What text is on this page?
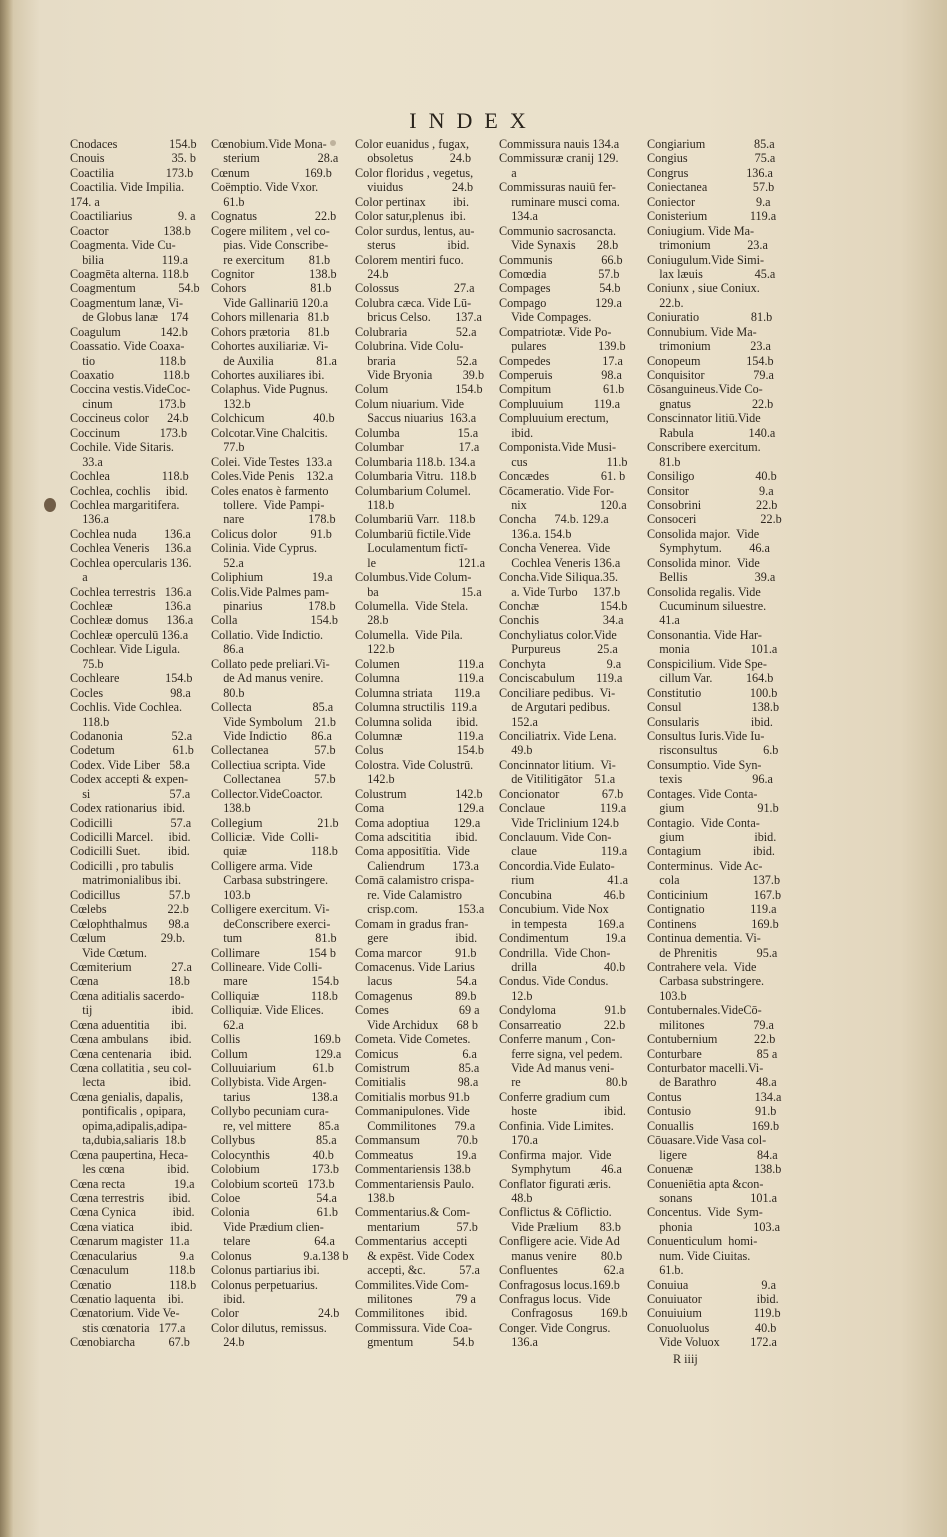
INDEX
Cnodaces                 154.b
Cnouis                      35. b
Coactilia                 173.b
Coactilia. Vide Impilia.
174. a
Coactiliarius               9. a
Coactor                  138.b
Coagmenta. Vide Cu-
bilia                   119.a
Coagmēta alterna. 118.b
Coagmentum              54.b
Coagmentum lanæ, Vi-
de Globus lanæ    174
Coagulum             142.b
Coassatio. Vide Coaxa-
tio                     118.b
Coaxatio                118.b
Coccina vestis.VideCoc-
cinum               173.b
Coccineus color      24.b
Coccinum             173.b
Cochile. Vide Sitaris.
33.a
Cochlea                 118.b
Cochlea, cochlis     ibid.
Cochlea margaritifera.
136.a
Cochlea nuda         136.a
Cochlea Veneris     136.a
Cochlea opercularis 136.
a
Cochlea terrestris   136.a
Cochleæ                 136.a
Cochleæ domus      136.a
Cochleæ operculū 136.a
Cochlear. Vide Ligula.
75.b
Cochleare               154.b
Cocles                      98.a
Cochlis. Vide Cochlea.
118.b
Codanonia                52.a
Codetum                   61.b
Codex. Vide Liber   58.a
Codex accepti & expen-
si                          57.a
Codex rationarius  ibid.
Codicilli                   57.a
Codicilli Marcel.     ibid.
Codicilli Suet.         ibid.
Codicilli , pro tabulis
matrimonialibus ibi.
Codicillus                57.b
Cœlebs                    22.b
Cœlophthalmus       98.a
Cœlum                  29.b.
Vide Cœtum.
Cœmiterium             27.a
Cœna                       18.b
Cœna aditialis sacerdo-
tij                          ibid.
Cœna aduentitia       ibi.
Cœna ambulans       ibid.
Cœna centenaria      ibid.
Cœna collatitia , seu col-
lecta                     ibid.
Cœna genialis, dapalis,
pontificalis , opipara,
opima,adipalis,adipa-
ta,dubia,saliaris  18.b
Cœna paupertina, Heca-
les cœna              ibid.
Cœna recta                19.a
Cœna terrestris        ibid.
Cœna Cynica            ibid.
Cœna viatica            ibid.
Cœnarum magister  11.a
Cœnacularius              9.a
Cœnaculum             118.b
Cœnatio                   118.b
Cœnatio laquenta    ibi.
Cœnatorium. Vide Ve-
stis cœnatoria   177.a
Cœnobiarcha           67.b
Cœnobium.Vide Mona-
sterium                   28.a
Cœnum                  169.b
Coëmptio. Vide Vxor.
61.b
Cognatus                   22.b
Cogere militem , vel co-
pias. Vide Conscribe-
re exercitum        81.b
Cognitor                  138.b
Cohors                     81.b
Vide Gallinariū 120.a
Cohors millenaria   81.b
Cohors prætoria      81.b
Cohortes auxiliariæ. Vi-
de Auxilia              81.a
Cohortes auxiliares ibi.
Colaphus. Vide Pugnus.
132.b
Colchicum                40.b
Colcotar.Vine Chalcitis.
77.b
Colei. Vide Testes  133.a
Coles.Vide Penis    132.a
Coles enatos è farmento
tollere.  Vide Pampi-
nare                     178.b
Colicus dolor           91.b
Colinia. Vide Cyprus.
52.a
Coliphium                19.a
Colis.Vide Palmes pam-
pinarius               178.b
Colla                        154.b
Collatio. Vide Indictio.
86.a
Collato pede preliari.Vi-
de Ad manus venire.
80.b
Collecta                    85.a
Vide Symbolum    21.b
Vide Indictio        86.a
Collectanea               57.b
Collectiua scripta. Vide
Collectanea           57.b
Collector.VideCoactor.
138.b
Collegium                  21.b
Colliciæ.  Vide  Colli-
quiæ                     118.b
Colligere arma. Vide
Carbasa substringere.
103.b
Colligere exercitum. Vi-
deConscribere exerci-
tum                        81.b
Collimare                154 b
Collineare. Vide Colli-
mare                     154.b
Colliquiæ                 118.b
Colliquiæ. Vide Elices.
62.a
Collis                        169.b
Collum                      129.a
Colluuiarium            61.b
Collybista. Vide Argen-
tarius                    138.a
Collybo pecuniam cura-
re, vel mittere         85.a
Collybus                    85.a
Colocynthis              40.b
Colobium                 173.b
Colobium scorteū   173.b
Coloe                         54.a
Colonia                      61.b
Vide Prædium clien-
telare                     64.a
Colonus                 9.a.138 b
Colonus partiarius ibi.
Colonus perpetuarius.
ibid.
Color                          24.b
Color dilutus, remissus.
24.b
Color euanidus , fugax,
obsoletus            24.b
Color floridus , vegetus,
viuidus                24.b
Color pertinax         ibi.
Color satur,plenus  ibi.
Color surdus, lentus, au-
sterus                 ibid.
Colorem mentiri fuco.
24.b
Colossus                  27.a
Colubra cæca. Vide Lū-
bricus Celso.        137.a
Colubraria                52.a
Colubrina. Vide Colu-
braria                    52.a
Vide Bryonia          39.b
Colum                      154.b
Colum niuarium. Vide
Saccus niuarius  163.a
Columba                   15.a
Columbar                  17.a
Columbaria 118.b. 134.a
Columbaria Vitru.  118.b
Columbarium Columel.
118.b
Columbariū Varr.   118.b
Columbariū fictile.Vide
Loculamentum fictī-
le                           121.a
Columbus.Vide Colum-
ba                           15.a
Columella.  Vide Stela.
28.b
Columella.  Vide Pila.
122.b
Columen                   119.a
Columna                   119.a
Columna striata       119.a
Columna structilis  119.a
Columna solida        ibid.
Columnæ                  119.a
Colus                        154.b
Colostra. Vide Colustrū.
142.b
Colustrum                142.b
Coma                        129.a
Coma adoptiua        129.a
Coma adscititia        ibid.
Coma appositītia.  Vide
Caliendrum         173.a
Comā calamistro crispa-
re. Vide Calamistro
crisp.com.             153.a
Comam in gradus fran-
gere                      ibid.
Coma marcor           91.b
Comacenus. Vide Larius
lacus                     54.a
Comagenus              89.b
Comes                       69 a
Vide Archidux      68 b
Cometa. Vide Cometes.
Comicus                     6.a
Comistrum                85.a
Comitialis                 98.a
Comitialis morbus 91.b
Commanipulones. Vide
Commilitones      79.a
Commansum            70.b
Commeatus              19.a
Commentariensis 138.b
Commentariensis Paulo.
138.b
Commentarius.& Com-
mentarium            57.b
Commentarius  accepti
& expēst. Vide Codex
accepti, &c.           57.a
Commilites.Vide Com-
militones              79 a
Commilitones       ibid.
Commissura. Vide Coa-
gmentum             54.b
Commissura nauis 134.a
Commissuræ cranij 129.
a
Commissuras nauiū fer-
ruminare musci coma.
134.a
Communio sacrosancta.
Vide Synaxis       28.b
Communis                66.b
Comœdia                 57.b
Compages                54.b
Compago                129.a
Vide Compages.
Compatriotæ. Vide Po-
pulares                 139.b
Compedes                 17.a
Comperuis                98.a
Compitum                 61.b
Compluuium          119.a
Compluuium erectum,
ibid.
Componista.Vide Musi-
cus                          11.b
Concædes                 61. b
Cōcameratio. Vide For-
nix                        120.a
Concha      74.b. 129.a
136.a. 154.b
Concha Venerea.  Vide
Cochlea Veneris 136.a
Concha.Vide Siliqua.35.
a. Vide Turbo     137.b
Conchæ                    154.b
Conchis                     34.a
Conchyliatus color.Vide
Purpureus            25.a
Conchyta                    9.a
Conciscabulum       119.a
Conciliare pedibus.  Vi-
de Argutari pedibus.
152.a
Conciliatrix. Vide Lena.
49.b
Concinnator litium.  Vi-
de Vitilitigātor    51.a
Concionator              67.b
Conclaue                  119.a
Vide Triclinium 124.b
Conclauum. Vide Con-
claue                     119.a
Concordia.Vide Eulato-
rium                        41.a
Concubina                 46.b
Concubium. Vide Nox
in tempesta          169.a
Condimentum            19.a
Condrilla.  Vide Chon-
drilla                      40.b
Condus. Vide Condus.
12.b
Condyloma                91.b
Consarreatio              22.b
Conferre manum , Con-
ferre signa, vel pedem.
Vide Ad manus veni-
re                            80.b
Conferre gradium cum
hoste                      ibid.
Confinia. Vide Limites.
170.a
Confirma  major.  Vide
Symphytum          46.a
Conflator figurati æris.
48.b
Conflictus & Cōflictio.
Vide Prælium       83.b
Confligere acie. Vide Ad
manus venire        80.b
Confluentes               62.a
Confragosus locus.169.b
Confragus locus.  Vide
Confragosus         169.b
Conger. Vide Congrus.
136.a
Congiarium                85.a
Congius                      75.a
Congrus                   136.a
Coniectanea               57.b
Coniector                    9.a
Conisterium              119.a
Coniugium. Vide Ma-
trimonium            23.a
Coniugulum.Vide Simi-
lax læuis                 45.a
Coniunx , siue Coniux.
22.b.
Coniuratio                 81.b
Connubium. Vide Ma-
trimonium             23.a
Conopeum               154.b
Conquisitor                79.a
Cōsanguineus.Vide Co-
gnatus                    22.b
Conscinnator litiū.Vide
Rabula                  140.a
Conscribere exercitum.
81.b
Consiligo                    40.b
Consitor                       9.a
Consobrini                  22.b
Consoceri                     22.b
Consolida major.  Vide
Symphytum.         46.a
Consolida minor.  Vide
Bellis                      39.a
Consolida regalis. Vide
Cucuminum siluestre.
41.a
Consonantia. Vide Har-
monia                    101.a
Conspicilium. Vide Spe-
cillum Var.           164.b
Constitutio                100.b
Consul                       138.b
Consularis                 ibid.
Consultus Iuris.Vide Iu-
risconsultus               6.b
Consumptio. Vide Syn-
texis                       96.a
Contages. Vide Conta-
gium                        91.b
Contagio.  Vide Conta-
gium                       ibid.
Contagium                 ibid.
Conterminus.  Vide Ac-
cola                        137.b
Conticinium               167.b
Contignatio               119.a
Continens                  169.b
Continua dementia. Vi-
de Phrenitis             95.a
Contrahere vela.  Vide
Carbasa substringere.
103.b
Contubernales.VideCō-
militones                79.a
Contubernium            22.b
Conturbare                  85 a
Conturbator macelli.Vi-
de Barathro             48.a
Contus                        134.a
Contusio                     91.b
Conuallis                   169.b
Cōuasare.Vide Vasa col-
ligere                       84.a
Conuenæ                    138.b
Conueniētia apta &con-
sonans                   101.a
Concentus.  Vide  Sym-
phonia                    103.a
Conuenticulum  homi-
num. Vide Ciuitas.
61.b.
Conuiua                        9.a
Conuiuator                  ibid.
Conuiuium                 119.b
Conuoluolus               40.b
Vide Voluox          172.a
R iiij
